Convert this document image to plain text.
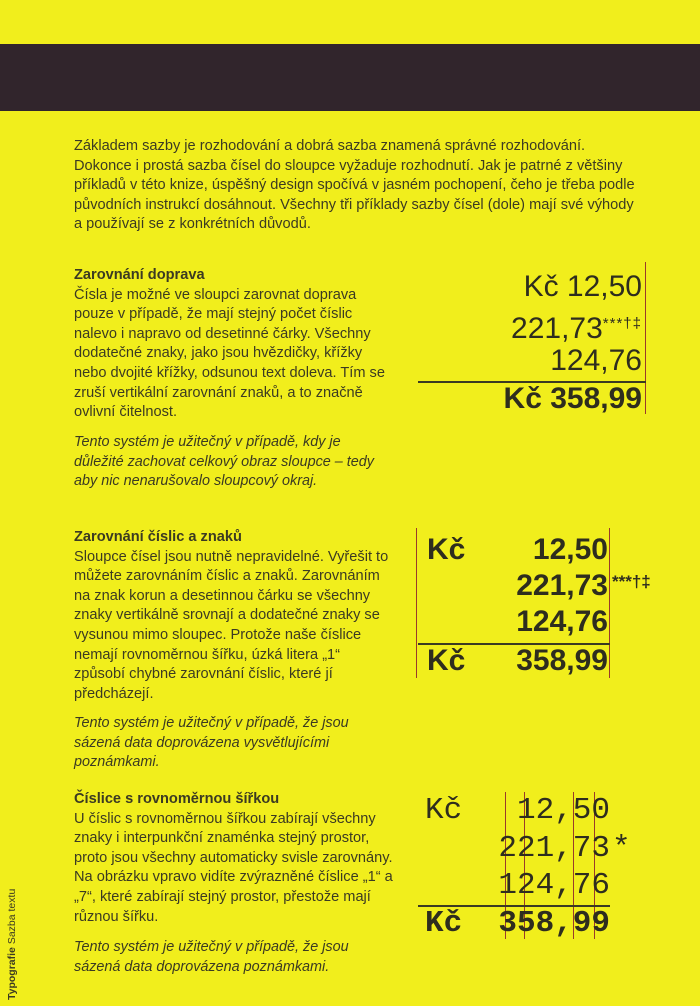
Základem sazby je rozhodování a dobrá sazba znamená správné rozhodování. Dokonce i prostá sazba čísel do sloupce vyžaduje rozhodnutí. Jak je patrné z většiny příkladů v této knize, úspěšný design spočívá v jasném pochopení, čeho je třeba podle původních instrukcí dosáhnout. Všechny tři příklady sazby čísel (dole) mají své výhody a používají se z konkrétních důvodů.

Zarovnání doprava
Čísla je možné ve sloupci zarovnat doprava pouze v případě, že mají stejný počet číslic nalevo i napravo od desetinné čárky. Všechny dodatečné znaky, jako jsou hvězdičky, křížky nebo dvojité křížky, odsunou text doleva. Tím se zruší vertikální zarovnání znaků, a to značně ovlivní čitelnost.
Tento systém je užitečný v případě, kdy je důležité zachovat celkový obraz sloupce – tedy aby nic nenarušovalo sloupcový okraj.
Kč 12,50
221,73***†‡
124,76
Kč 358,99
Zarovnání číslic a znaků
Sloupce čísel jsou nutně nepravidelné. Vyřešit to můžete zarovnáním číslic a znaků. Zarovnáním na znak korun a desetinnou čárku se všechny znaky vertikálně srovnají a dodatečné znaky se vysunou mimo sloupec. Protože naše číslice nemají rovnoměrnou šířku, úzká litera „1“ způsobí chybné zarovnání číslic, které jí předcházejí.
Tento systém je užitečný v případě, že jsou sázená data doprovázena vysvětlujícími poznámkami.
Kč 12,50
221,73 ***†‡
124,76
Kč 358,99
Číslice s rovnoměrnou šířkou
U číslic s rovnoměrnou šířkou zabírají všechny znaky i interpunkční znaménka stejný prostor, proto jsou všechny automaticky svisle zarovnány. Na obrázku vpravo vidíte zvýrazněné číslice „1“ a „7“, které zabírají stejný prostor, přestože mají různou šířku.
Tento systém je užitečný v případě, že jsou sázená data doprovázena poznámkami.
Kč 12,50
221,73 *
124,76
Kč 358,99
Typografie Sazba textu
